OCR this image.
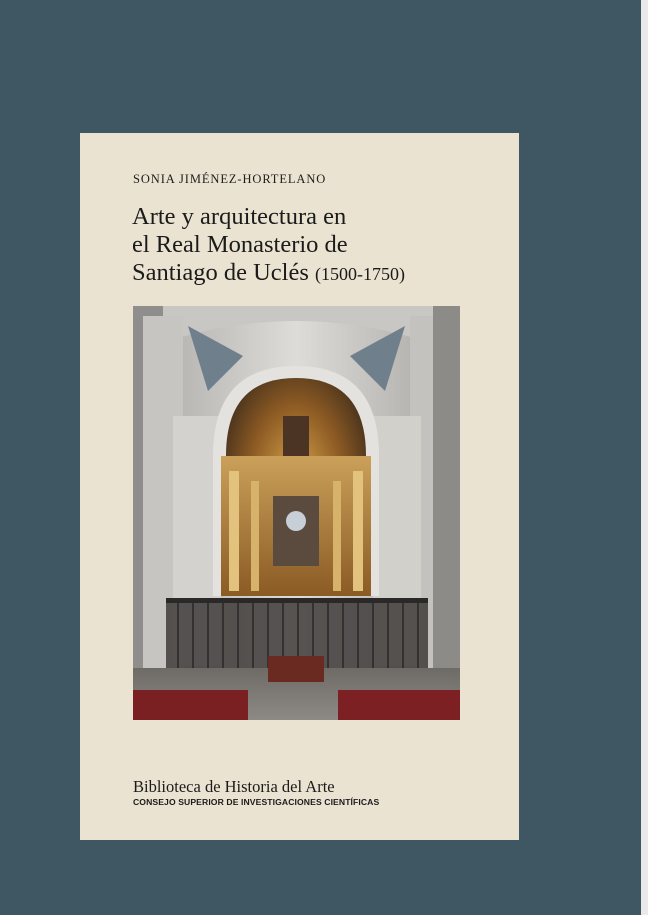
SONIA JIMÉNEZ-HORTELANO
Arte y arquitectura en
el Real Monasterio de
Santiago de Uclés (1500-1750)
Biblioteca de Historia del Arte
CONSEJO SUPERIOR DE INVESTIGACIONES CIENTÍFICAS
